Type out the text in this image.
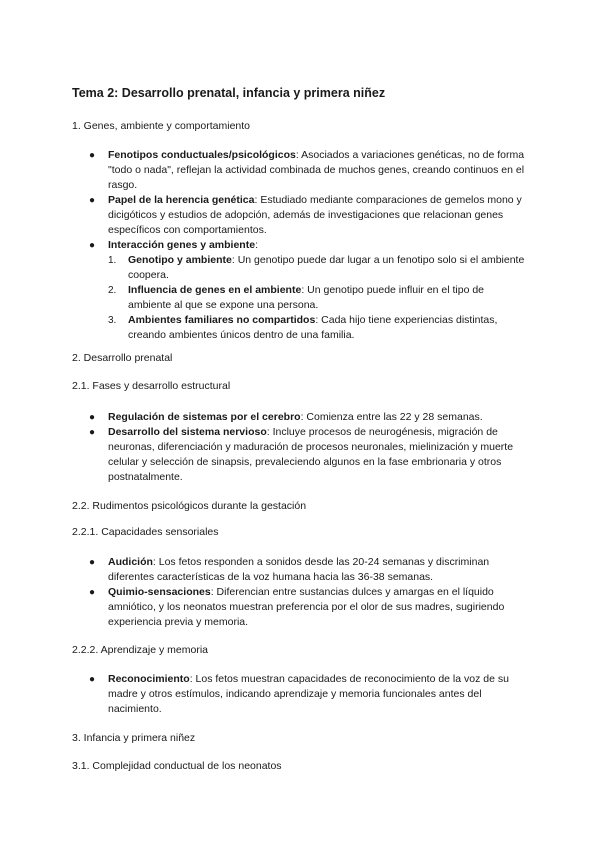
Tema 2: Desarrollo prenatal, infancia y primera niñez
1. Genes, ambiente y comportamiento
● Fenotipos conductuales/psicológicos: Asociados a variaciones genéticas, no de forma "todo o nada", reflejan la actividad combinada de muchos genes, creando continuos en el rasgo.
● Papel de la herencia genética: Estudiado mediante comparaciones de gemelos mono y dicigóticos y estudios de adopción, además de investigaciones que relacionan genes específicos con comportamientos.
● Interacción genes y ambiente:
1. Genotipo y ambiente: Un genotipo puede dar lugar a un fenotipo solo si el ambiente coopera.
2. Influencia de genes en el ambiente: Un genotipo puede influir en el tipo de ambiente al que se expone una persona.
3. Ambientes familiares no compartidos: Cada hijo tiene experiencias distintas, creando ambientes únicos dentro de una familia.
2. Desarrollo prenatal
2.1. Fases y desarrollo estructural
● Regulación de sistemas por el cerebro: Comienza entre las 22 y 28 semanas.
● Desarrollo del sistema nervioso: Incluye procesos de neurogénesis, migración de neuronas, diferenciación y maduración de procesos neuronales, mielinización y muerte celular y selección de sinapsis, prevaleciendo algunos en la fase embrionaria y otros postnatalmente.
2.2. Rudimentos psicológicos durante la gestación
2.2.1. Capacidades sensoriales
● Audición: Los fetos responden a sonidos desde las 20-24 semanas y discriminan diferentes características de la voz humana hacia las 36-38 semanas.
● Quimio-sensaciones: Diferencian entre sustancias dulces y amargas en el líquido amniótico, y los neonatos muestran preferencia por el olor de sus madres, sugiriendo experiencia previa y memoria.
2.2.2. Aprendizaje y memoria
● Reconocimiento: Los fetos muestran capacidades de reconocimiento de la voz de su madre y otros estímulos, indicando aprendizaje y memoria funcionales antes del nacimiento.
3. Infancia y primera niñez
3.1. Complejidad conductual de los neonatos
